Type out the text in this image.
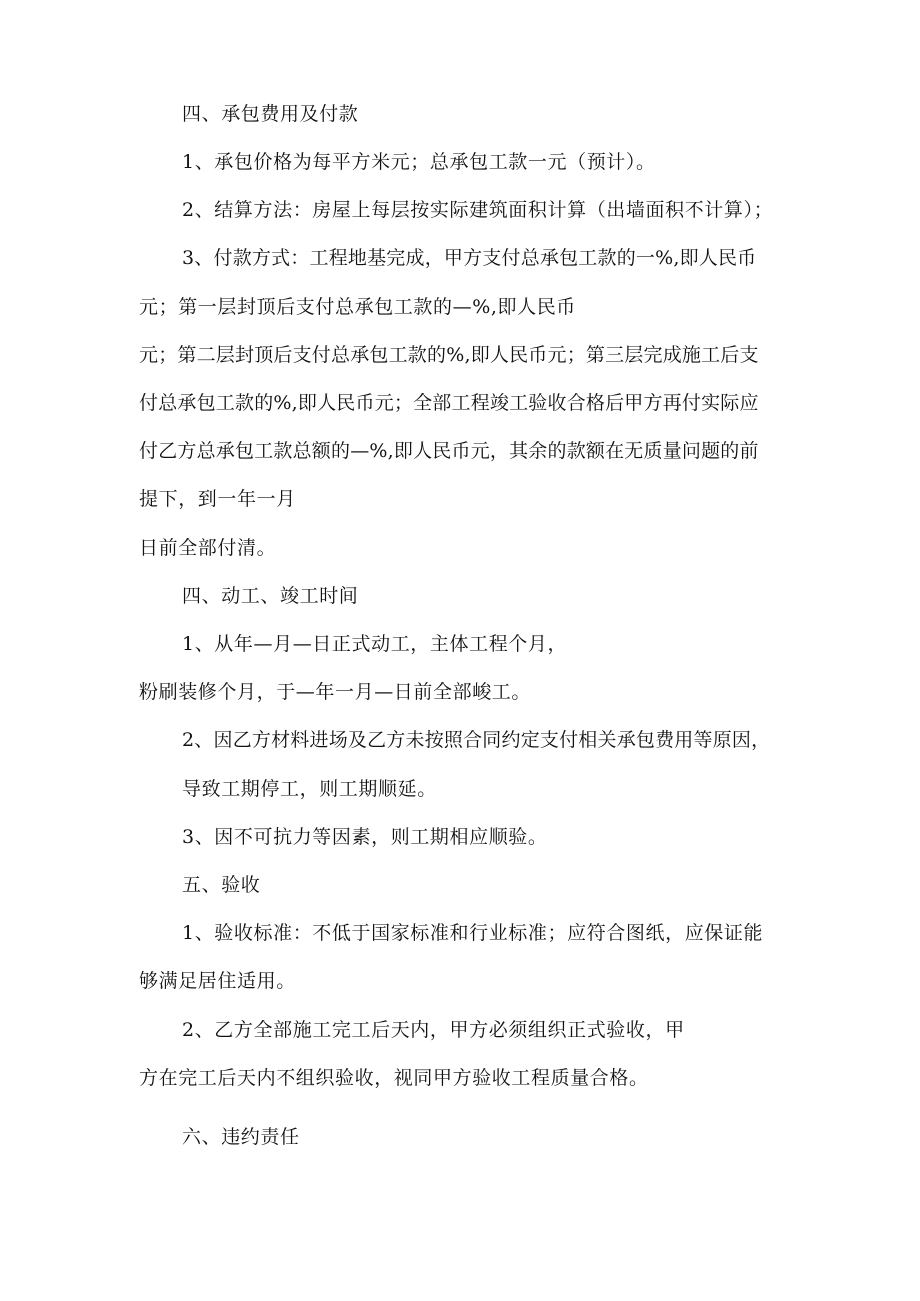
四、承包费用及付款
1、承包价格为每平方米元；总承包工款一元（预计）。
2、结算方法：房屋上每层按实际建筑面积计算（出墙面积不计算）；
3、付款方式：工程地基完成，甲方支付总承包工款的一%,即人民币
元；第一层封顶后支付总承包工款的—%,即人民币
元；第二层封顶后支付总承包工款的%,即人民币元；第三层完成施工后支
付总承包工款的%,即人民币元；全部工程竣工验收合格后甲方再付实际应
付乙方总承包工款总额的—%,即人民币元，其余的款额在无质量问题的前
提下，到一年一月
日前全部付清。
四、动工、竣工时间
1、从年—月—日正式动工，主体工程个月，
粉刷装修个月，于—年一月—日前全部峻工。
2、因乙方材料进场及乙方未按照合同约定支付相关承包费用等原因，
导致工期停工，则工期顺延。
3、因不可抗力等因素，则工期相应顺验。
五、验收
1、验收标准：不低于国家标准和行业标准；应符合图纸，应保证能
够满足居住适用。
2、乙方全部施工完工后天内，甲方必须组织正式验收，甲
方在完工后天内不组织验收，视同甲方验收工程质量合格。
六、违约责任
